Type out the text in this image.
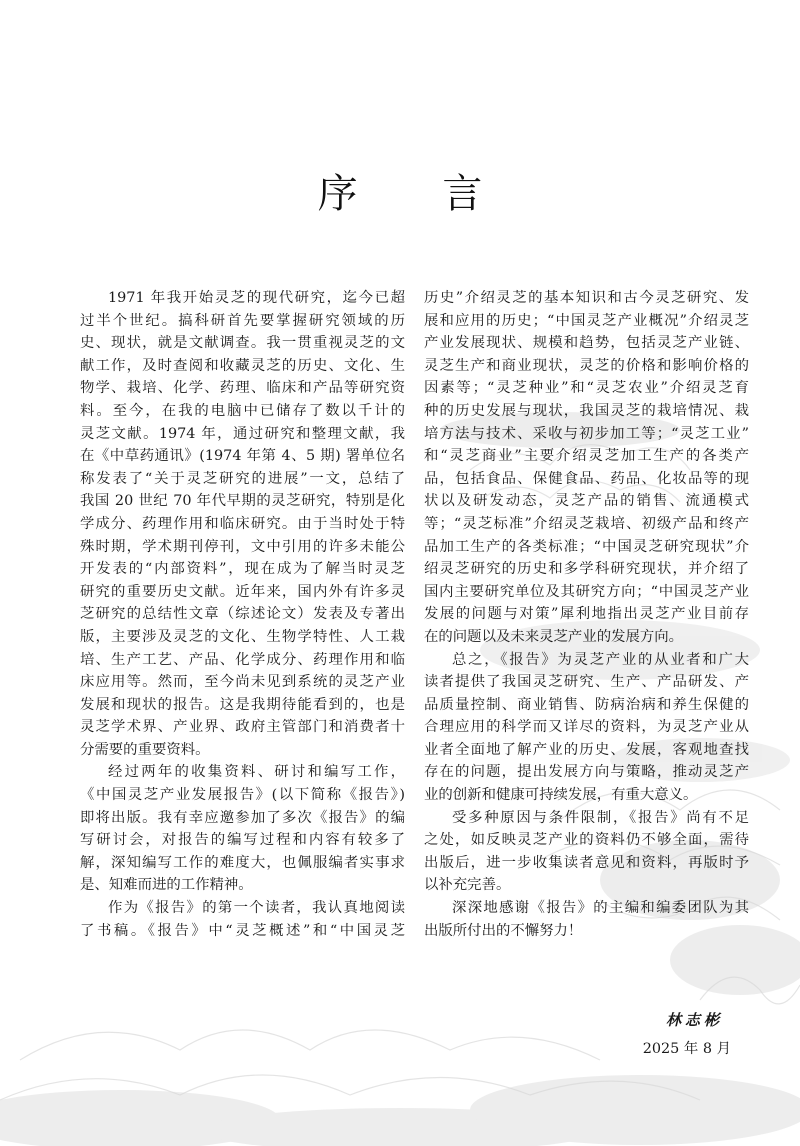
序 言
1971 年我开始灵芝的现代研究，迄今已超
过半个世纪。搞科研首先要掌握研究领域的历
史、现状，就是文献调查。我一贯重视灵芝的文
献工作，及时查阅和收藏灵芝的历史、文化、生
物学、栽培、化学、药理、临床和产品等研究资
料。至今，在我的电脑中已储存了数以千计的
灵芝文献。1974 年，通过研究和整理文献，我
在《中草药通讯》(1974 年第 4、5 期) 署单位名
称发表了“关于灵芝研究的进展”一文，总结了
我国 20 世纪 70 年代早期的灵芝研究，特别是化
学成分、药理作用和临床研究。由于当时处于特
殊时期，学术期刊停刊，文中引用的许多未能公
开发表的“内部资料”，现在成为了解当时灵芝
研究的重要历史文献。近年来，国内外有许多灵
芝研究的总结性文章（综述论文）发表及专著出
版，主要涉及灵芝的文化、生物学特性、人工栽
培、生产工艺、产品、化学成分、药理作用和临
床应用等。然而，至今尚未见到系统的灵芝产业
发展和现状的报告。这是我期待能看到的，也是
灵芝学术界、产业界、政府主管部门和消费者十
分需要的重要资料。
经过两年的收集资料、研讨和编写工作，
《中国灵芝产业发展报告》(以下简称《报告》)
即将出版。我有幸应邀参加了多次《报告》的编
写研讨会，对报告的编写过程和内容有较多了
解，深知编写工作的难度大，也佩服编者实事求
是、知难而进的工作精神。
作为《报告》的第一个读者，我认真地阅读
了书稿。《报告》中“灵芝概述”和“中国灵芝
历史”介绍灵芝的基本知识和古今灵芝研究、发
展和应用的历史；“中国灵芝产业概况”介绍灵芝
产业发展现状、规模和趋势，包括灵芝产业链、
灵芝生产和商业现状，灵芝的价格和影响价格的
因素等；“灵芝种业”和“灵芝农业”介绍灵芝育
种的历史发展与现状，我国灵芝的栽培情况、栽
培方法与技术、采收与初步加工等；“灵芝工业”
和“灵芝商业”主要介绍灵芝加工生产的各类产
品，包括食品、保健食品、药品、化妆品等的现
状以及研发动态，灵芝产品的销售、流通模式
等；“灵芝标准”介绍灵芝栽培、初级产品和终产
品加工生产的各类标准；“中国灵芝研究现状”介
绍灵芝研究的历史和多学科研究现状，并介绍了
国内主要研究单位及其研究方向；“中国灵芝产业
发展的问题与对策”犀利地指出灵芝产业目前存
在的问题以及未来灵芝产业的发展方向。
总之，《报告》为灵芝产业的从业者和广大
读者提供了我国灵芝研究、生产、产品研发、产
品质量控制、商业销售、防病治病和养生保健的
合理应用的科学而又详尽的资料，为灵芝产业从
业者全面地了解产业的历史、发展，客观地查找
存在的问题，提出发展方向与策略，推动灵芝产
业的创新和健康可持续发展，有重大意义。
受多种原因与条件限制，《报告》尚有不足
之处，如反映灵芝产业的资料仍不够全面，需待
出版后，进一步收集读者意见和资料，再版时予
以补充完善。
深深地感谢《报告》的主编和编委团队为其
出版所付出的不懈努力！
林志彬
2025 年 8 月
